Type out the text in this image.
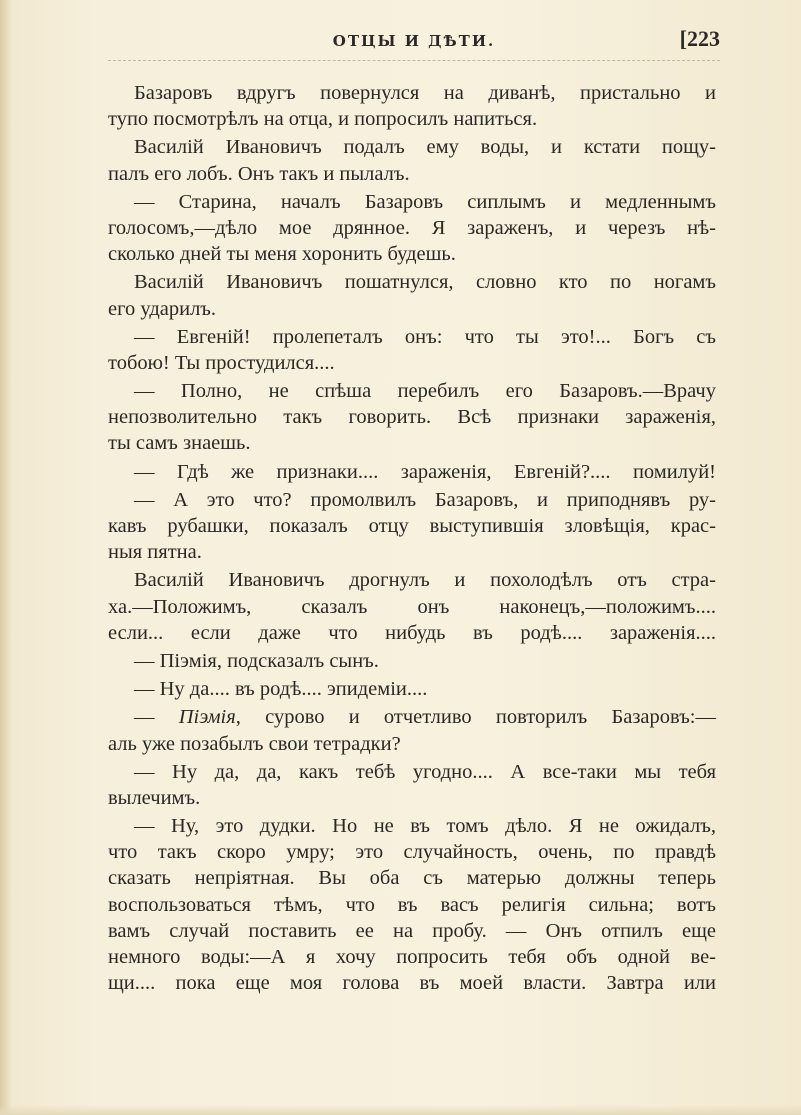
ОТЦЫ И ДѢТИ.	[223
Базаровъ вдругъ повернулся на диванѣ, пристально и
тупо посмотрѣлъ на отца, и попросилъ напиться.
Василій Ивановичъ подалъ ему воды, и кстати пощу-
палъ его лобъ. Онъ такъ и пылалъ.
— Старина, началъ Базаровъ сиплымъ и медленнымъ
голосомъ,—дѣло мое дрянное. Я зараженъ, и черезъ нѣ-
сколько дней ты меня хоронить будешь.
Василій Ивановичъ пошатнулся, словно кто по ногамъ
его ударилъ.
— Евгеній! пролепеталъ онъ: что ты это!... Богъ съ
тобою! Ты простудился....
— Полно, не спѣша перебилъ его Базаровъ.—Врачу
непозволительно такъ говорить. Всѣ признаки зараженія,
ты самъ знаешь.
— Гдѣ же признаки.... зараженія, Евгеній?.... помилуй!
— А это что? промолвилъ Базаровъ, и приподнявъ ру-
кавъ рубашки, показалъ отцу выступившія зловѣщія, крас-
ныя пятна.
Василій Ивановичъ дрогнулъ и похолодѣлъ отъ стра-
ха.—Положимъ, сказалъ онъ наконецъ,—положимъ....
если... если даже что нибудь въ родѣ.... зараженія....
— Піэмія, подсказалъ сынъ.
— Ну да.... въ родѣ.... эпидеміи....
— Піэмія, сурово и отчетливо повторилъ Базаровъ:—
аль уже позабылъ свои тетрадки?
— Ну да, да, какъ тебѣ угодно.... А все-таки мы тебя
вылечимъ.
— Ну, это дудки. Но не въ томъ дѣло. Я не ожидалъ,
что такъ скоро умру; это случайность, очень, по правдѣ
сказать непріятная. Вы оба съ матерью должны теперь
воспользоваться тѣмъ, что въ васъ религія сильна; вотъ
вамъ случай поставить ее на пробу. — Онъ отпилъ еще
немного воды:—А я хочу попросить тебя объ одной ве-
щи.... пока еще моя голова въ моей власти. Завтра или
